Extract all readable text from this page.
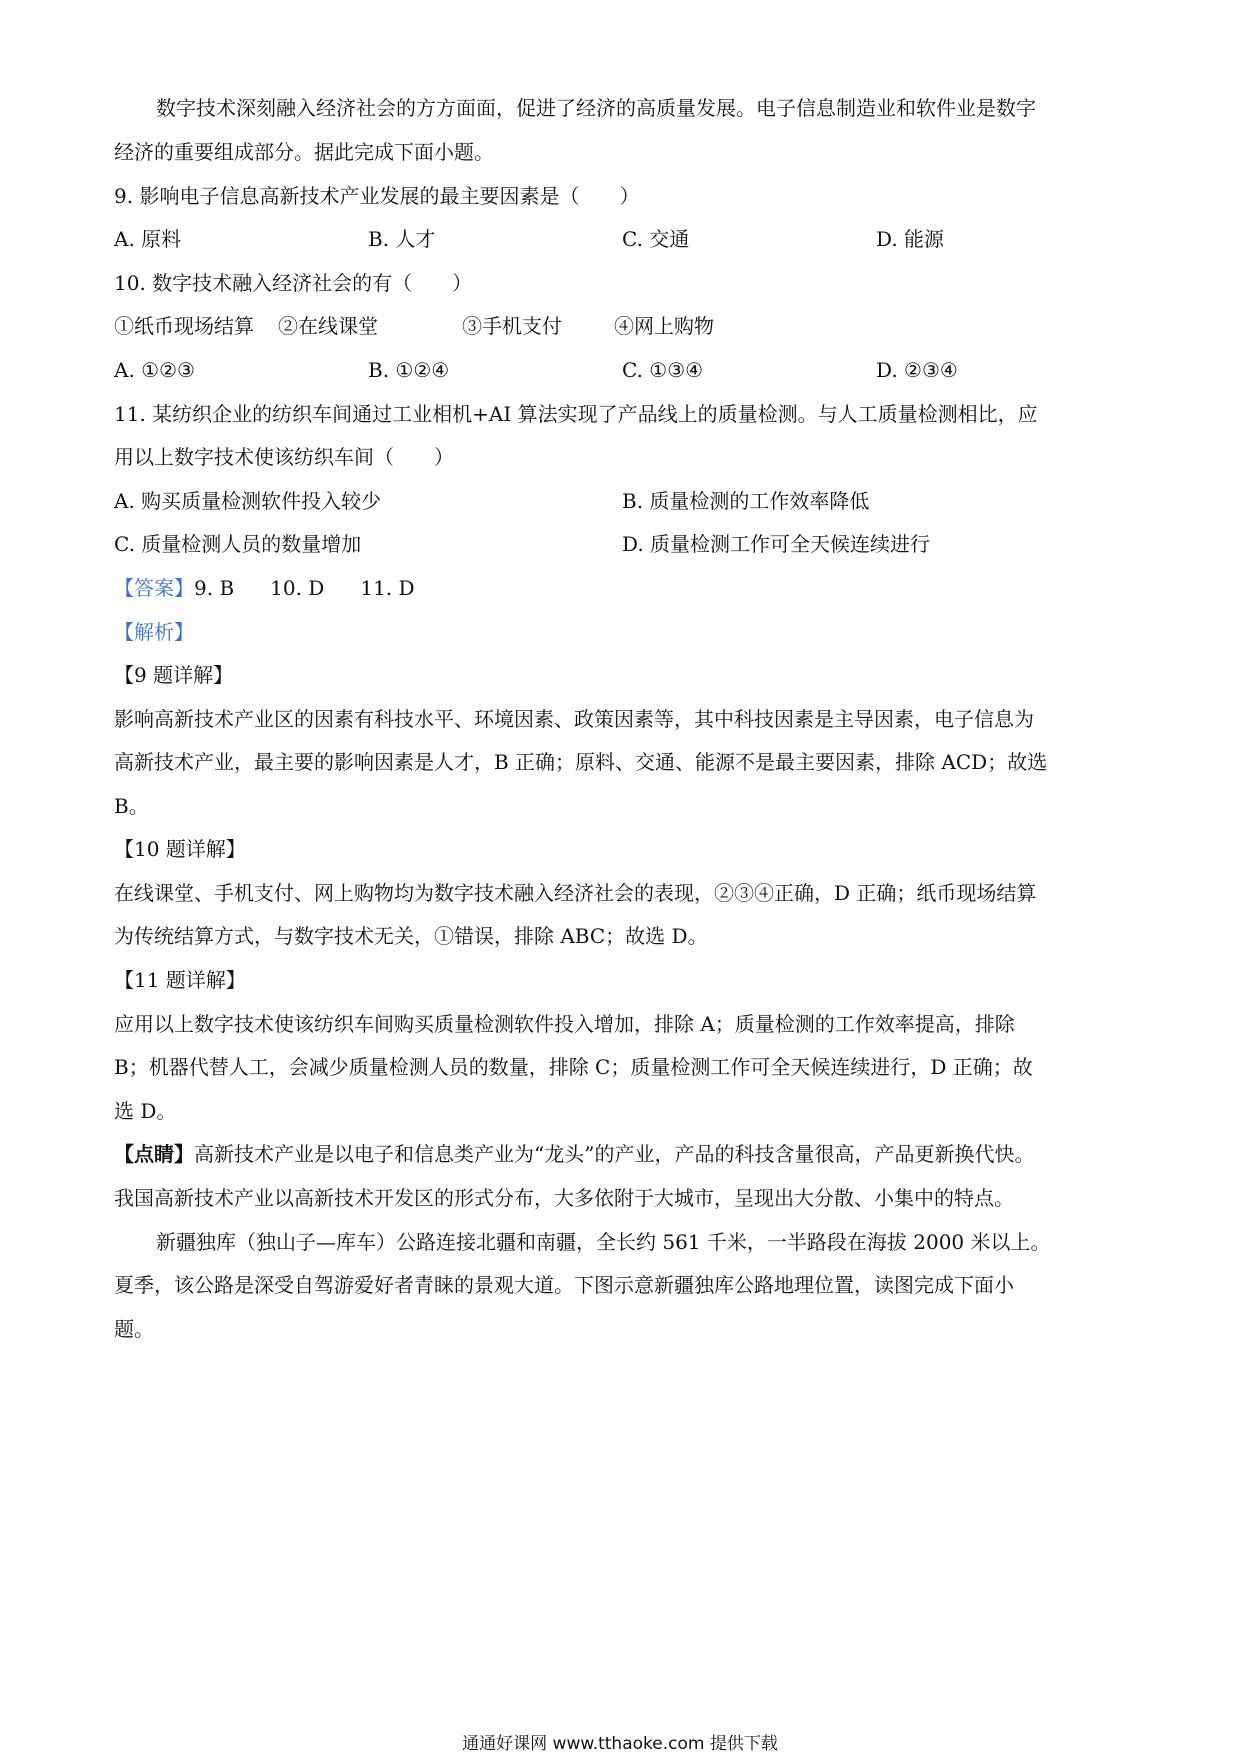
数字技术深刻融入经济社会的方方面面，促进了经济的高质量发展。电子信息制造业和软件业是数字
经济的重要组成部分。据此完成下面小题。
9. 影响电子信息高新技术产业发展的最主要因素是（　　）
A. 原料	B. 人才	C. 交通	D. 能源
10. 数字技术融入经济社会的有（　　）
①纸币现场结算 ②在线课堂	③手机支付	④网上购物
A. ①②③	B. ①②④	C. ①③④	D. ②③④
11. 某纺织企业的纺织车间通过工业相机+AI 算法实现了产品线上的质量检测。与人工质量检测相比，应
用以上数字技术使该纺织车间（　　）
A. 购买质量检测软件投入较少	B. 质量检测的工作效率降低
C. 质量检测人员的数量增加	D. 质量检测工作可全天候连续进行
【答案】9. B 10. D 11. D
【解析】
【9 题详解】
影响高新技术产业区的因素有科技水平、环境因素、政策因素等，其中科技因素是主导因素，电子信息为
高新技术产业，最主要的影响因素是人才，B 正确；原料、交通、能源不是最主要因素，排除 ACD；故选
B。
【10 题详解】
在线课堂、手机支付、网上购物均为数字技术融入经济社会的表现，②③④正确，D 正确；纸币现场结算
为传统结算方式，与数字技术无关，①错误，排除 ABC；故选 D。
【11 题详解】
应用以上数字技术使该纺织车间购买质量检测软件投入增加，排除 A；质量检测的工作效率提高，排除
B；机器代替人工，会减少质量检测人员的数量，排除 C；质量检测工作可全天候连续进行，D 正确；故
选 D。
【点睛】高新技术产业是以电子和信息类产业为“龙头”的产业，产品的科技含量很高，产品更新换代快。
我国高新技术产业以高新技术开发区的形式分布，大多依附于大城市，呈现出大分散、小集中的特点。
新疆独库（独山子—库车）公路连接北疆和南疆，全长约 561 千米，一半路段在海拔 2000 米以上。
夏季，该公路是深受自驾游爱好者青睐的景观大道。下图示意新疆独库公路地理位置，读图完成下面小
题。
通通好课网 www.tthaoke.com 提供下载
